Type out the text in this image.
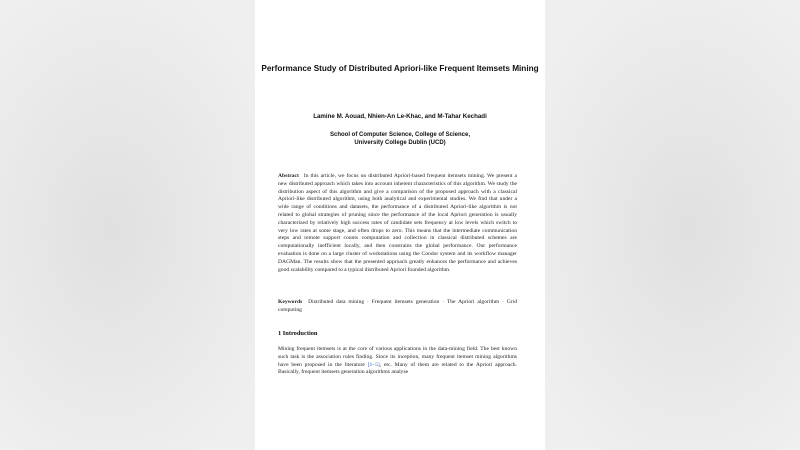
Performance Study of Distributed Apriori-like Frequent Itemsets Mining
Lamine M. Aouad, Nhien-An Le-Khac, and M-Tahar Kechadi
School of Computer Science, College of Science,
University College Dublin (UCD)
Abstract In this article, we focus on distributed Apriori-based frequent itemsets mining. We present a new distributed approach which takes into account inherent characteristics of this algorithm. We study the distribution aspect of this algorithm and give a comparison of the proposed approach with a classical Apriori-like distributed algorithm, using both analytical and experimental studies. We find that under a wide range of conditions and datasets, the performance of a distributed Apriori-like algorithm is not related to global strategies of pruning since the performance of the local Apriori generation is usually characterized by relatively high success rates of candidate sets frequency at low levels which switch to very low rates at some stage, and often drops to zero. This means that the intermediate communication steps and remote support counts computation and collection in classical distributed schemes are computationally inefficient locally, and then constrains the global performance. Our performance evaluation is done on a large cluster of workstations using the Condor system and its workflow manager DAGMan. The results show that the presented approach greatly enhances the performance and achieves good scalability compared to a typical distributed Apriori founded algorithm.
Keywords Distributed data mining · Frequent itemsets generation · The Apriori algorithm · Grid computing
1 Introduction
Mining frequent itemsets is at the core of various applications in the data-mining field. The best known such task is the association rules finding. Since its inception, many frequent itemset mining algorithms have been proposed in the literature [1–5], etc. Many of them are related to the Apriori approach. Basically, frequent itemsets generation algorithms analyse
